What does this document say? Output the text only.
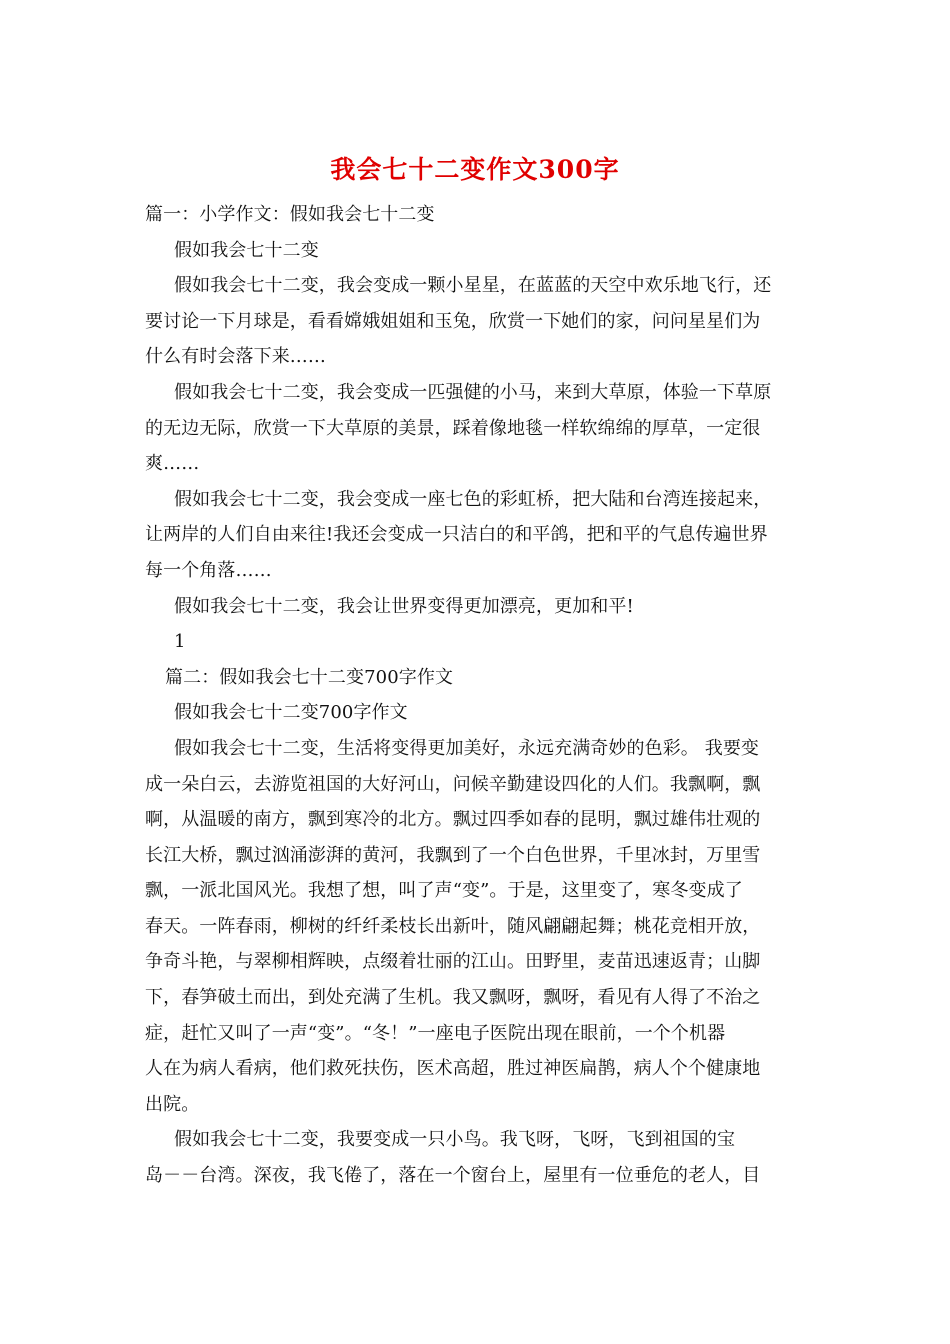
我会七十二变作文300字
篇一：小学作文：假如我会七十二变
假如我会七十二变
假如我会七十二变，我会变成一颗小星星，在蓝蓝的天空中欢乐地飞行，还
要讨论一下月球是，看看嫦娥姐姐和玉兔，欣赏一下她们的家，问问星星们为
什么有时会落下来……
假如我会七十二变，我会变成一匹强健的小马，来到大草原，体验一下草原
的无边无际，欣赏一下大草原的美景，踩着像地毯一样软绵绵的厚草，一定很
爽……
假如我会七十二变，我会变成一座七色的彩虹桥，把大陆和台湾连接起来，
让两岸的人们自由来往!我还会变成一只洁白的和平鸽，把和平的气息传遍世界
每一个角落……
假如我会七十二变，我会让世界变得更加漂亮，更加和平!
1
篇二：假如我会七十二变700字作文
假如我会七十二变700字作文
假如我会七十二变，生活将变得更加美好，永远充满奇妙的色彩。 我要变
成一朵白云，去游览祖国的大好河山，问候辛勤建设四化的人们。我飘啊，飘
啊，从温暖的南方，飘到寒冷的北方。飘过四季如春的昆明，飘过雄伟壮观的
长江大桥，飘过汹涌澎湃的黄河，我飘到了一个白色世界，千里冰封，万里雪
飘，一派北国风光。我想了想，叫了声“变”。于是，这里变了，寒冬变成了
春天。一阵春雨，柳树的纤纤柔枝长出新叶，随风翩翩起舞；桃花竞相开放，
争奇斗艳，与翠柳相辉映，点缀着壮丽的江山。田野里，麦苗迅速返青；山脚
下，春笋破土而出，到处充满了生机。我又飘呀，飘呀，看见有人得了不治之
症，赶忙又叫了一声“变”。“冬！”一座电子医院出现在眼前，一个个机器
人在为病人看病，他们救死扶伤，医术高超，胜过神医扁鹊，病人个个健康地
出院。
假如我会七十二变，我要变成一只小鸟。我飞呀，飞呀，飞到祖国的宝
岛－－台湾。深夜，我飞倦了，落在一个窗台上，屋里有一位垂危的老人，目
